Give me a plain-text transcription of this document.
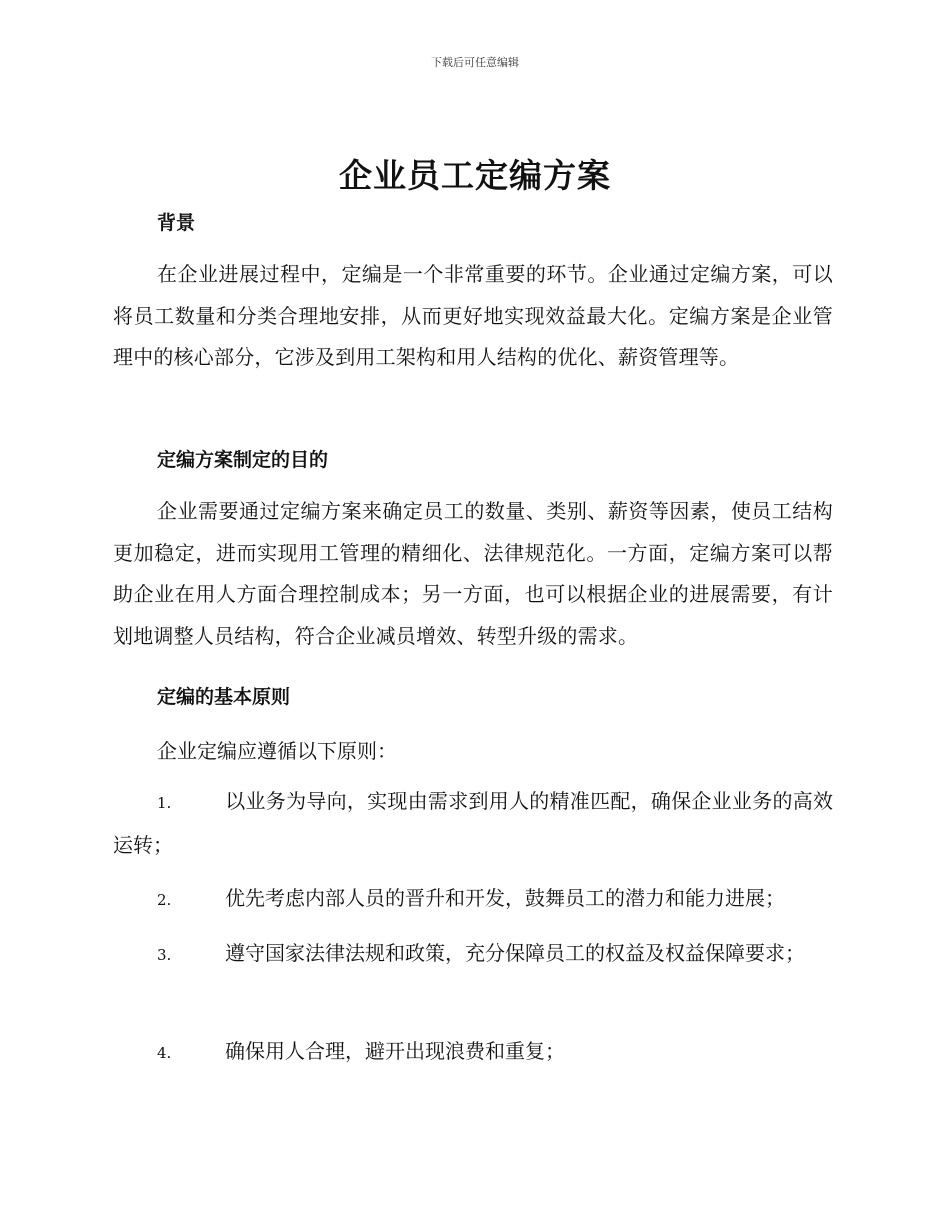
下载后可任意编辑
企业员工定编方案
背景

在企业进展过程中，定编是一个非常重要的环节。企业通过定编方案，可以将员工数量和分类合理地安排，从而更好地实现效益最大化。定编方案是企业管理中的核心部分，它涉及到用工架构和用人结构的优化、薪资管理等。

定编方案制定的目的

企业需要通过定编方案来确定员工的数量、类别、薪资等因素，使员工结构更加稳定，进而实现用工管理的精细化、法律规范化。一方面，定编方案可以帮助企业在用人方面合理控制成本；另一方面，也可以根据企业的进展需要，有计划地调整人员结构，符合企业减员增效、转型升级的需求。

定编的基本原则

企业定编应遵循以下原则：

1.	以业务为导向，实现由需求到用人的精准匹配，确保企业业务的高效运转；

2.	优先考虑内部人员的晋升和开发，鼓舞员工的潜力和能力进展；

3.	遵守国家法律法规和政策，充分保障员工的权益及权益保障要求；

4.	确保用人合理，避开出现浪费和重复；
